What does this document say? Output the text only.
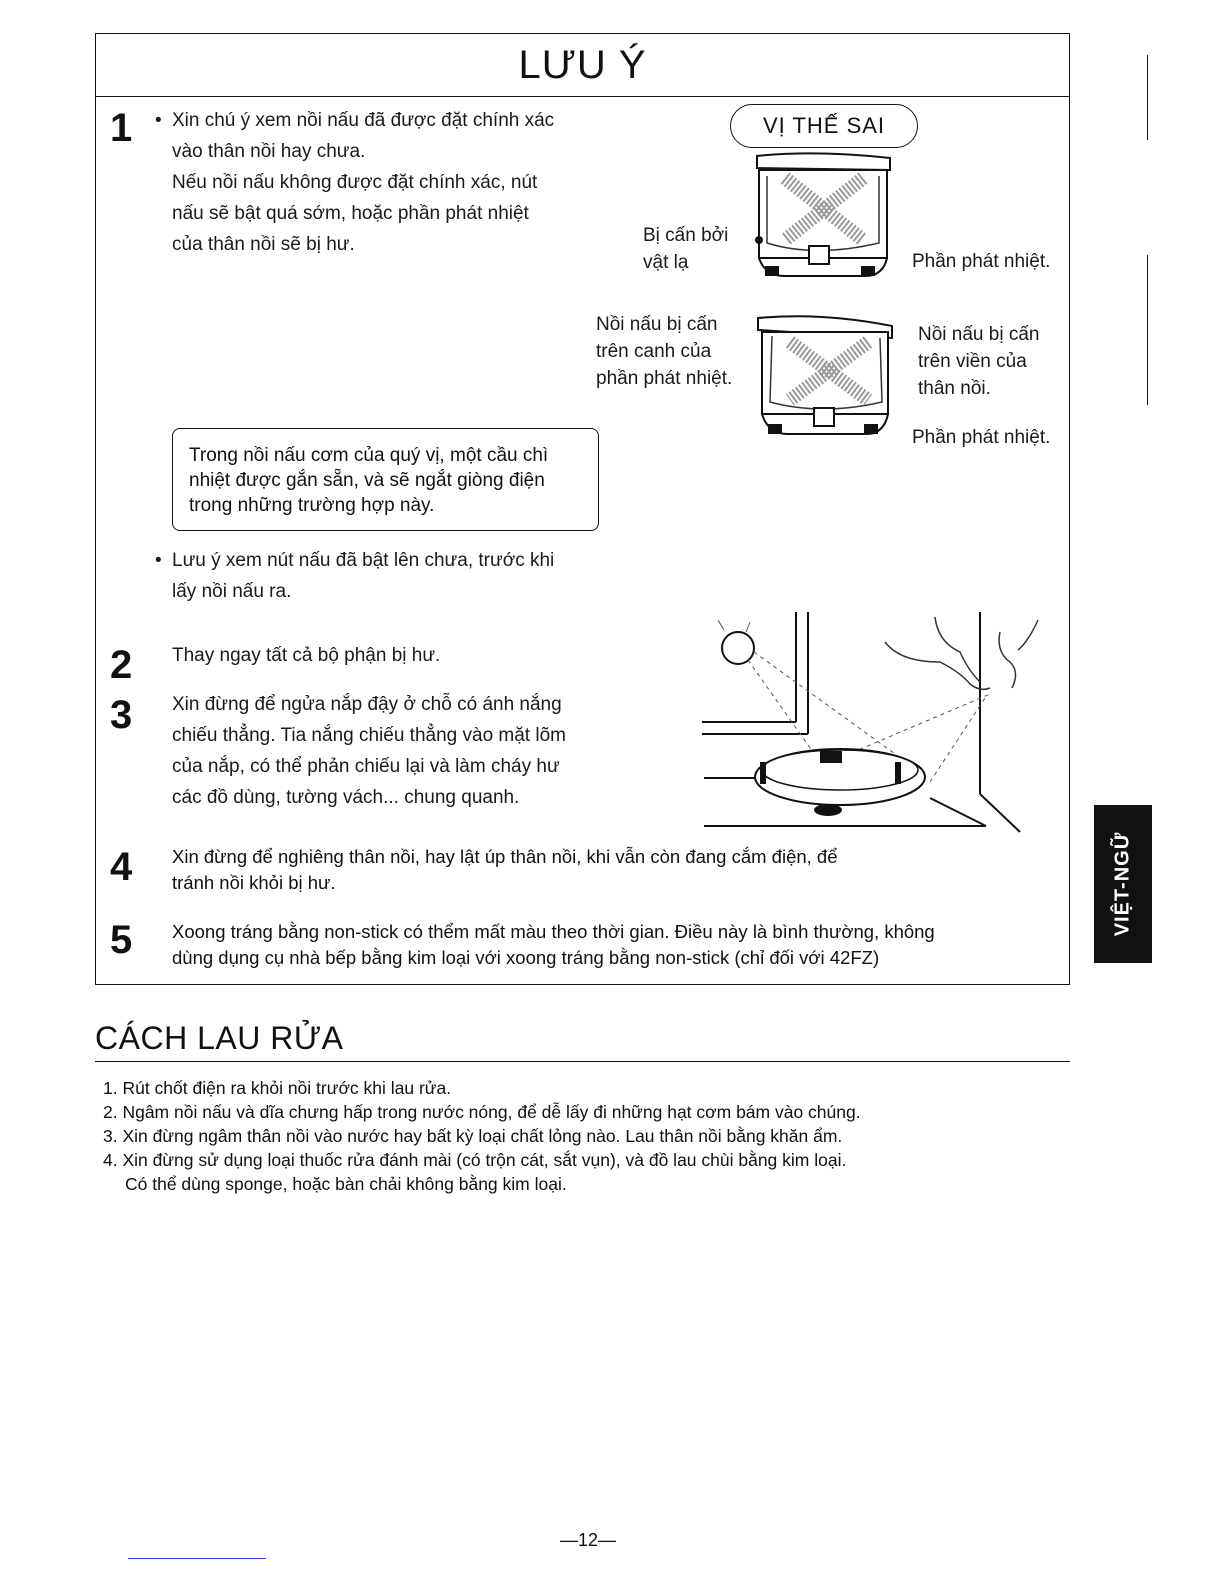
LƯU Ý
1 • Xin chú ý xem nồi nấu đã được đặt chính xác
vào thân nồi hay chưa.
Nếu nồi nấu không được đặt chính xác, nút
nấu sẽ bật quá sớm, hoặc phần phát nhiệt
của thân nồi sẽ bị hư.
VỊ THẾ SAI
Bị cấn bởi
vật lạ	Phần phát nhiệt.
Nồi nấu bị cấn
trên canh của
phần phát nhiệt.
Nồi nấu bị cấn
trên viền của
thân nồi.
Phần phát nhiệt.
Trong nồi nấu cơm của quý vị, một cầu chì
nhiệt được gắn sẵn, và sẽ ngắt giòng điện
trong những trường hợp này.
• Lưu ý xem nút nấu đã bật lên chưa, trước khi
lấy nồi nấu ra.
2 Thay ngay tất cả bộ phận bị hư.
3 Xin đừng để ngửa nắp đậy ở chỗ có ánh nắng
chiếu thẳng. Tia nắng chiếu thẳng vào mặt lõm
của nắp, có thể phản chiếu lại và làm cháy hư
các đồ dùng, tường vách... chung quanh.
4 Xin đừng để nghiêng thân nồi, hay lật úp thân nồi, khi vẫn còn đang cắm điện, để
tránh nồi khỏi bị hư.
5 Xoong tráng bằng non-stick có thểm mất màu theo thời gian. Điều này là bình thường, không
dùng dụng cụ nhà bếp bằng kim loại với xoong tráng bằng non-stick (chỉ đối với 42FZ)
VIỆT-NGỮ
CÁCH LAU RỬA
1. Rút chốt điện ra khỏi nồi trước khi lau rửa.
2. Ngâm nồi nấu và dĩa chưng hấp trong nước nóng, để dễ lấy đi những hạt cơm bám vào chúng.
3. Xin đừng ngâm thân nồi vào nước hay bất kỳ loại chất lỏng nào. Lau thân nồi bằng khăn ẩm.
4. Xin đừng sử dụng loại thuốc rửa đánh mài (có trộn cát, sắt vụn), và đồ lau chùi bằng kim loại.
Có thể dùng sponge, hoặc bàn chải không bằng kim loại.
—12—
